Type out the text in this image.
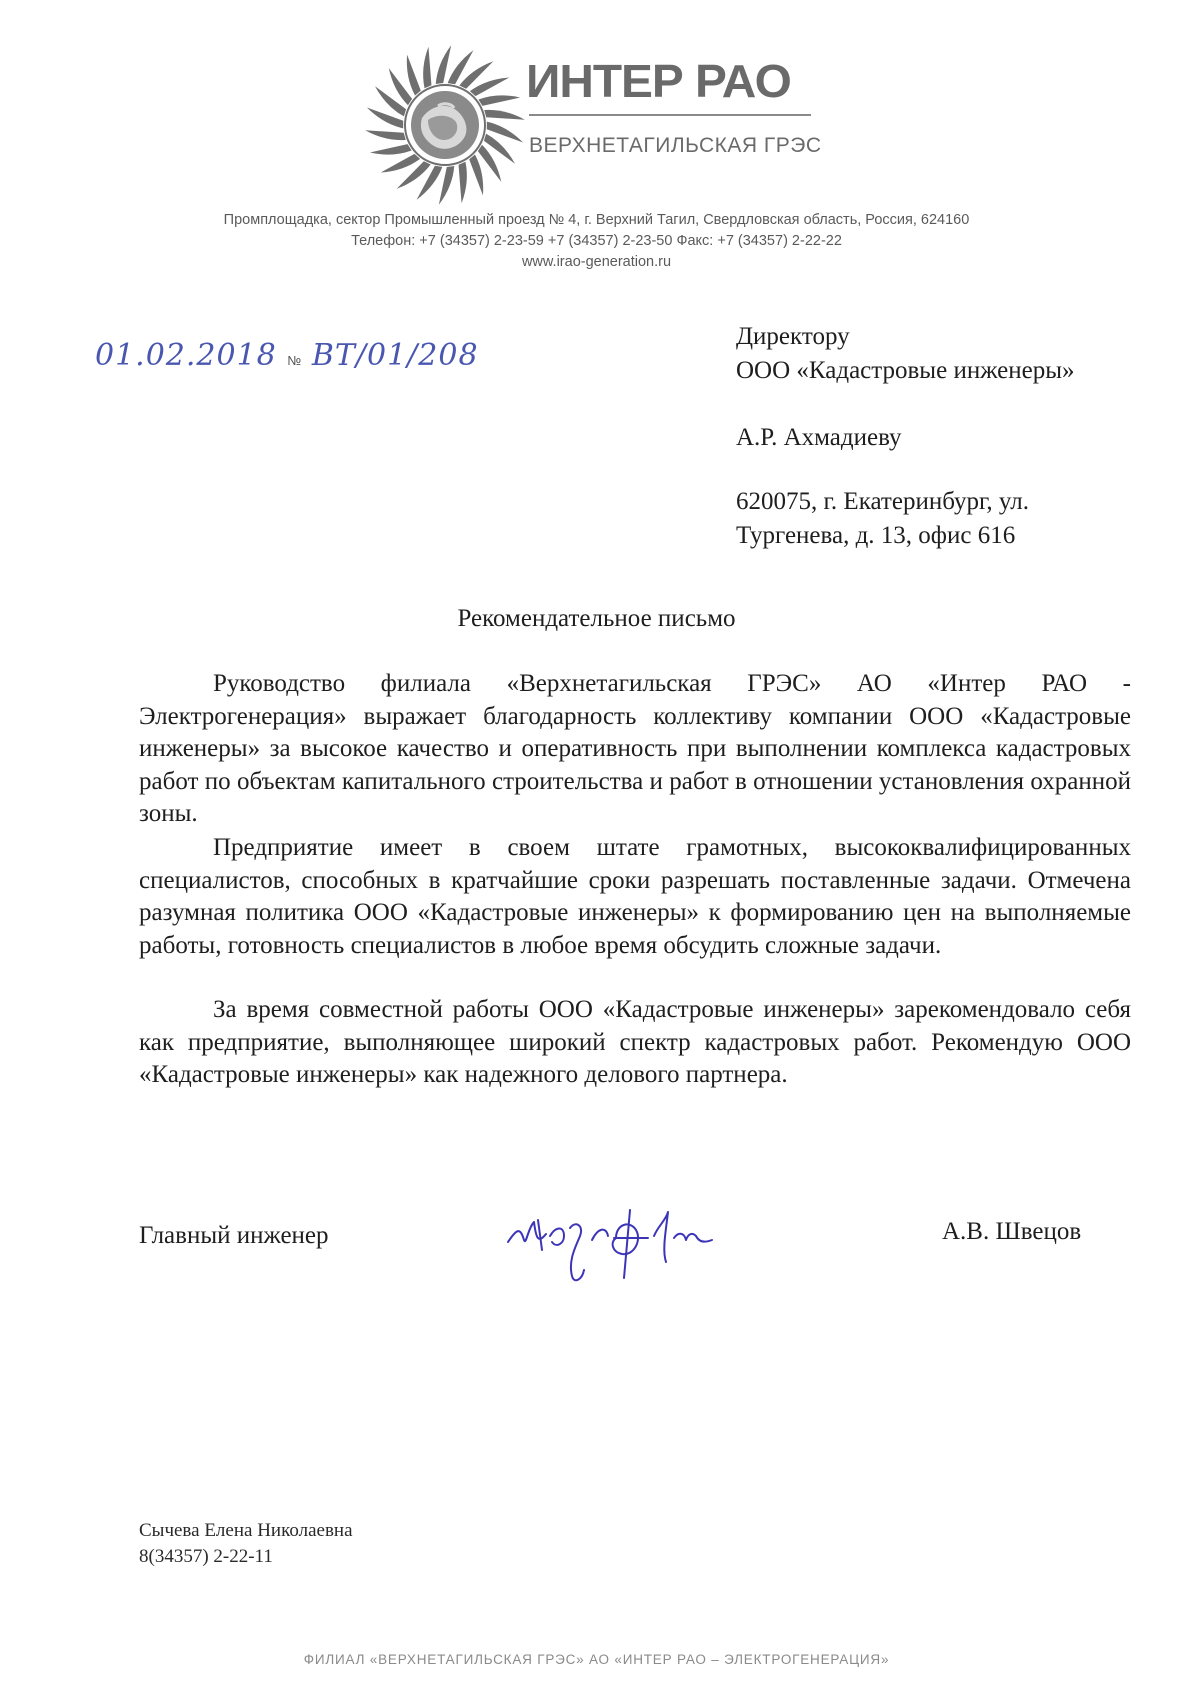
ИНТЕР РАО
ВЕРХНЕТАГИЛЬСКАЯ ГРЭС
Промплощадка, сектор Промышленный проезд № 4, г. Верхний Тагил, Свердловская область, Россия, 624160
Телефон: +7 (34357) 2-23-59 +7 (34357) 2-23-50 Факс: +7 (34357) 2-22-22
www.irao-generation.ru
01.02.2018 № ВТ/01/208
Директору
ООО «Кадастровые инженеры»
А.Р. Ахмадиеву
620075, г. Екатеринбург, ул.
Тургенева, д. 13, офис 616
Рекомендательное письмо
Руководство филиала «Верхнетагильская ГРЭС» АО «Интер РАО - Электрогенерация» выражает благодарность коллективу компании ООО «Кадастровые инженеры» за высокое качество и оперативность при выполнении комплекса кадастровых работ по объектам капитального строительства и работ в отношении установления охранной зоны.
Предприятие имеет в своем штате грамотных, высококвалифицированных специалистов, способных в кратчайшие сроки разрешать поставленные задачи. Отмечена разумная политика ООО «Кадастровые инженеры» к формированию цен на выполняемые работы, готовность специалистов в любое время обсудить сложные задачи.
За время совместной работы ООО «Кадастровые инженеры» зарекомендовало себя как предприятие, выполняющее широкий спектр кадастровых работ. Рекомендую ООО «Кадастровые инженеры» как надежного делового партнера.
Главный инженер	А.В. Швецов
Сычева Елена Николаевна
8(34357) 2-22-11
ФИЛИАЛ «ВЕРХНЕТАГИЛЬСКАЯ ГРЭС» АО «ИНТЕР РАО – ЭЛЕКТРОГЕНЕРАЦИЯ»
